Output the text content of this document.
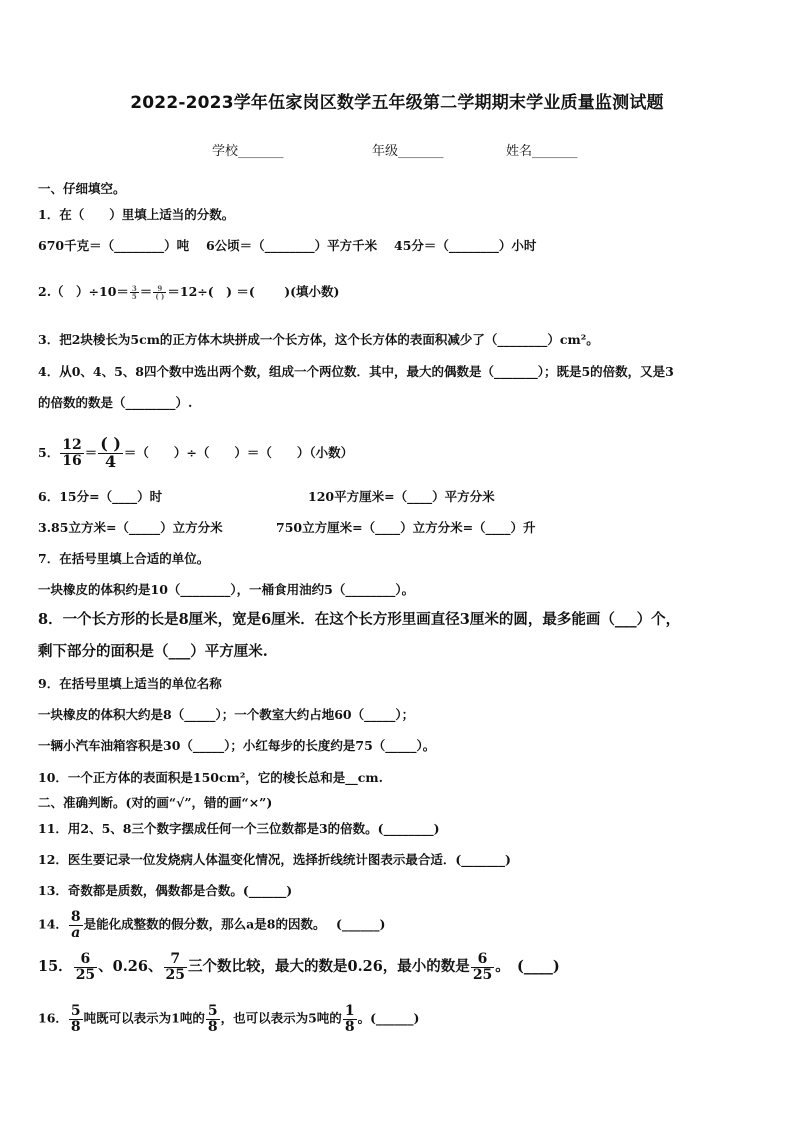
2022-2023学年伍家岗区数学五年级第二学期期末学业质量监测试题
学校_______	年级_______	姓名_______
一、仔细填空。
1．在（　　）里填上适当的分数。
670千克＝（________）吨　 6公顷＝（________）平方千米　 45分＝（________）小时
2.（　）$\div 10= \frac{3}{5} = \frac{9}{( )} =12\div$(　) ＝(　　 )(填小数)
3．把2块棱长为5cm的正方体木块拼成一个长方体，这个长方体的表面积减少了（________）cm²。
4．从0、4、5、8四个数中选出两个数，组成一个两位数．其中，最大的偶数是（_______）；既是5的倍数，又是3
的倍数的数是（________）.
5． $\frac{12}{16} = \frac{( )}{4}$ ＝（　　）÷（　　）＝（　　）（小数）
6．15分=（____）时	120平方厘米=（____）平方分米
3.85立方米=（_____）立方分米	750立方厘米=（____）立方分米=（____）升
7．在括号里填上合适的单位。
一块橡皮的体积约是10（________），一桶食用油约5（________）。
8．一个长方形的长是8厘米，宽是6厘米．在这个长方形里画直径3厘米的圆，最多能画（___）个，
剩下部分的面积是（___）平方厘米.
9．在括号里填上适当的单位名称
一块橡皮的体积大约是8（_____）；一个教室大约占地60（_____）；
一辆小汽车油箱容积是30（_____）；小红每步的长度约是75（_____）。
10．一个正方体的表面积是150cm²，它的棱长总和是__cm.
二、准确判断。(对的画“√”，错的画“×”)
11．用2、5、8三个数字摆成任何一个三位数都是3的倍数。(________)
12．医生要记录一位发烧病人体温变化情况，选择折线统计图表示最合适．(_______)
13．奇数都是质数，偶数都是合数。(______)
14． $\frac{8}{a}$ 是能化成整数的假分数，那么a是8的因数。　 (______)
15． $\frac{6}{25}$ 、0.26、 $\frac{7}{25}$ 三个数比较，最大的数是0.26，最小的数是 $\frac{6}{25}$ 。　(____)
16． $\frac{5}{8}$ 吨既可以表示为1吨的 $\frac{5}{8}$ ，也可以表示为5吨的 $\frac{1}{8}$ 。(______)
